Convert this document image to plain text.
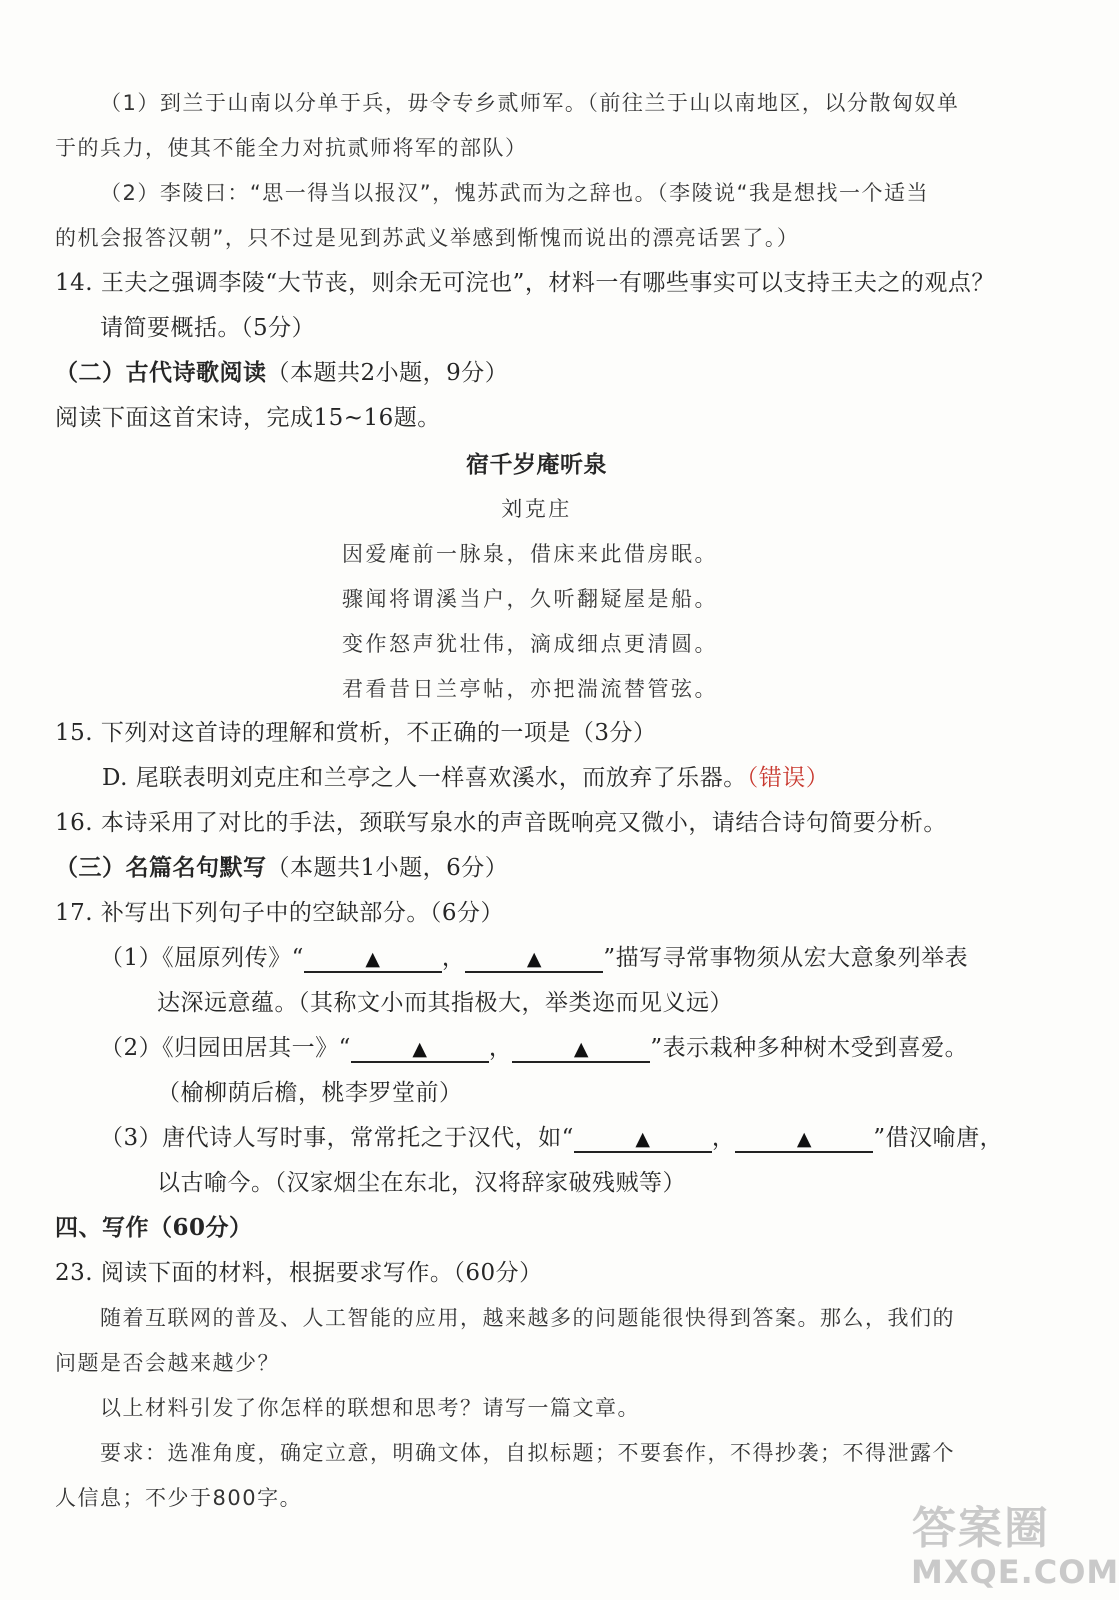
（1）到兰于山南以分单于兵，毋令专乡贰师军。（前往兰于山以南地区，以分散匈奴单
于的兵力，使其不能全力对抗贰师将军的部队）
（2）李陵曰：“思一得当以报汉”，愧苏武而为之辞也。（李陵说“我是想找一个适当
的机会报答汉朝”，只不过是见到苏武义举感到惭愧而说出的漂亮话罢了。）
14. 王夫之强调李陵“大节丧，则余无可浣也”，材料一有哪些事实可以支持王夫之的观点？
请简要概括。（5分）
（二）古代诗歌阅读（本题共2小题，9分）
阅读下面这首宋诗，完成15~16题。
宿千岁庵听泉
刘克庄
因爱庵前一脉泉，借床来此借房眠。
骤闻将谓溪当户，久听翻疑屋是船。
变作怒声犹壮伟，滴成细点更清圆。
君看昔日兰亭帖，亦把湍流替管弦。
15. 下列对这首诗的理解和赏析，不正确的一项是（3分）
D. 尾联表明刘克庄和兰亭之人一样喜欢溪水，而放弃了乐器。（错误）
16. 本诗采用了对比的手法，颈联写泉水的声音既响亮又微小，请结合诗句简要分析。
（三）名篇名句默写（本题共1小题，6分）
17. 补写出下列句子中的空缺部分。（6分）
（1）《屈原列传》“	▲	，	▲	”描写寻常事物须从宏大意象列举表
达深远意蕴。（其称文小而其指极大，举类迩而见义远）
（2）《归园田居其一》“	▲	，	▲	”表示栽种多种树木受到喜爱。
（榆柳荫后檐，桃李罗堂前）
（3）唐代诗人写时事，常常托之于汉代，如“	▲	，	▲	”借汉喻唐，
以古喻今。（汉家烟尘在东北，汉将辞家破残贼等）
四、写作（60分）
23. 阅读下面的材料，根据要求写作。（60分）
随着互联网的普及、人工智能的应用，越来越多的问题能很快得到答案。那么，我们的
问题是否会越来越少？
以上材料引发了你怎样的联想和思考？请写一篇文章。
要求：选准角度，确定立意，明确文体，自拟标题；不要套作，不得抄袭；不得泄露个
人信息；不少于800字。
答案圈
MXQE.COM
